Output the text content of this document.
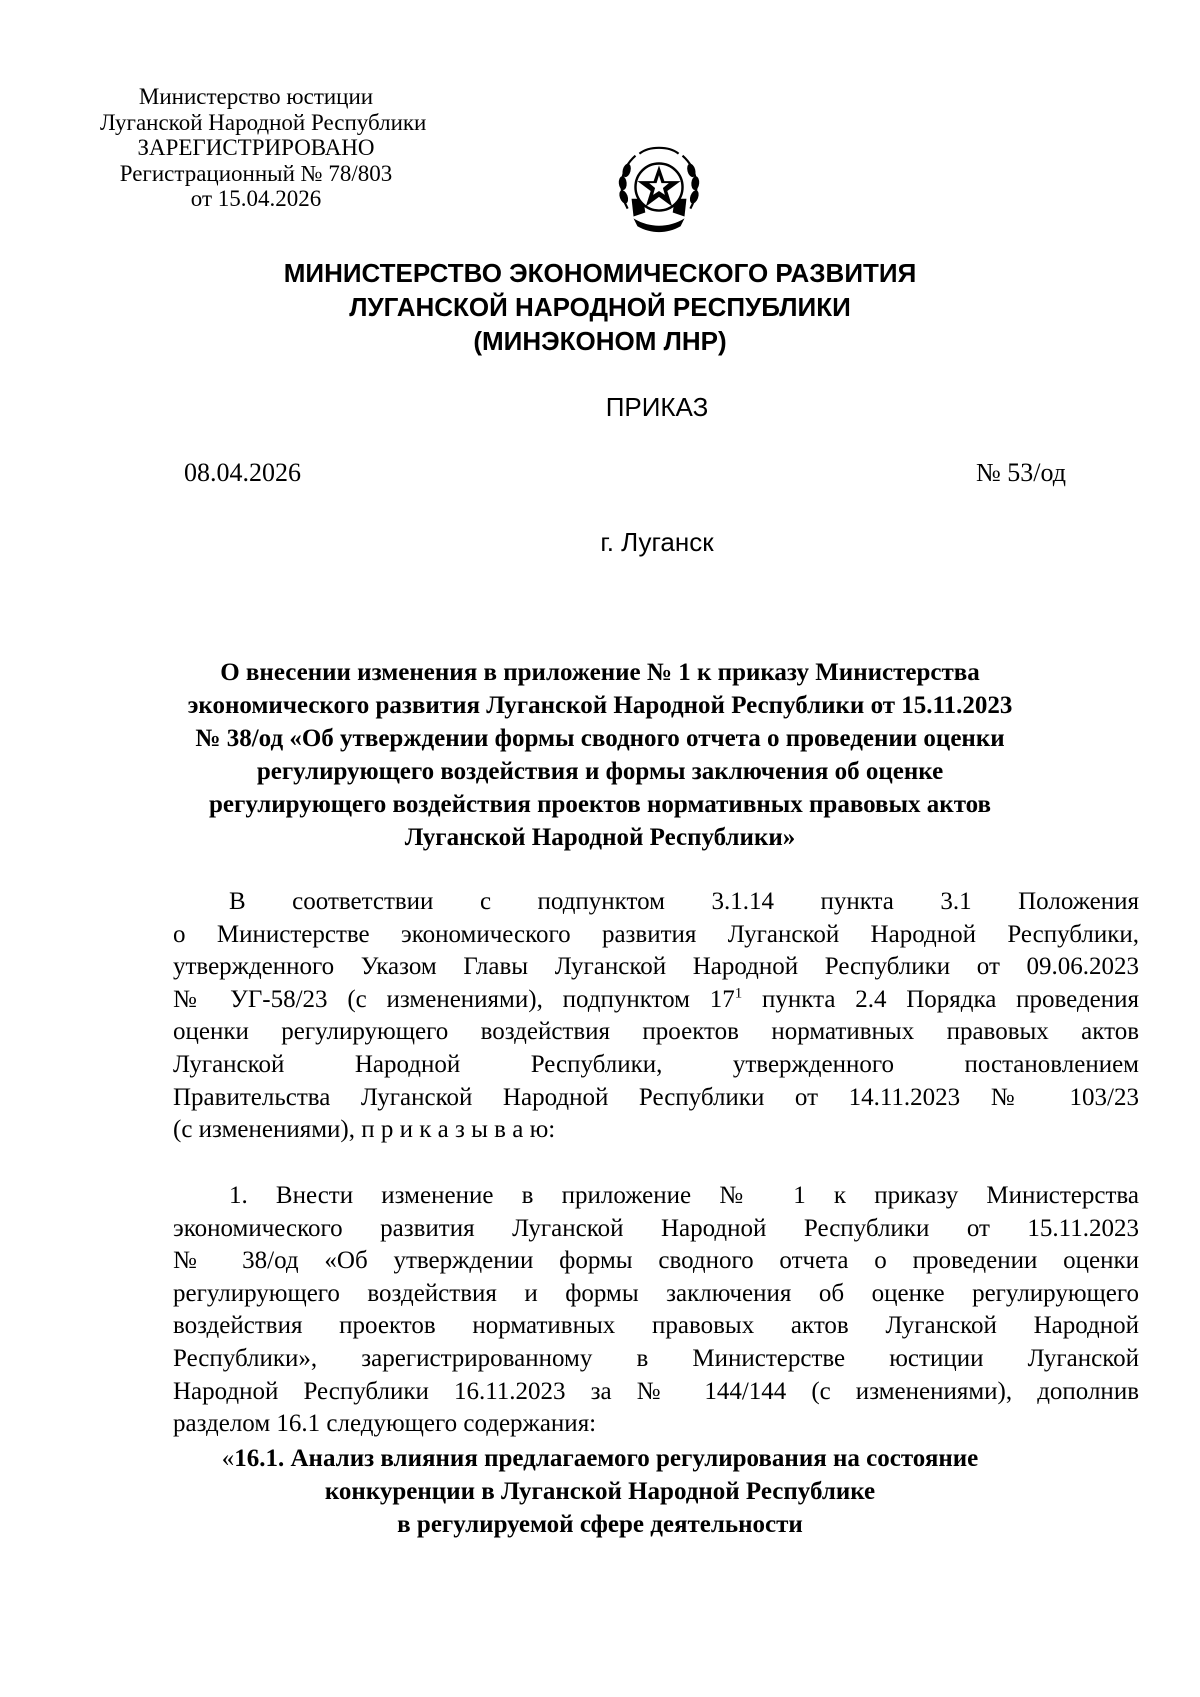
Министерство юстиции
Луганской Народной Республики
ЗАРЕГИСТРИРОВАНО
Регистрационный № 78/803
от 15.04.2026
МИНИСТЕРСТВО ЭКОНОМИЧЕСКОГО РАЗВИТИЯ
ЛУГАНСКОЙ НАРОДНОЙ РЕСПУБЛИКИ
(МИНЭКОНОМ ЛНР)
ПРИКАЗ
08.04.2026	№ 53/од
г. Луганск
О внесении изменения в приложение № 1 к приказу Министерства
экономического развития Луганской Народной Республики от 15.11.2023
№ 38/од «Об утверждении формы сводного отчета о проведении оценки
регулирующего воздействия и формы заключения об оценке
регулирующего воздействия проектов нормативных правовых актов
Луганской Народной Республики»
В соответствии с подпунктом 3.1.14 пункта 3.1 Положения
о Министерстве экономического развития Луганской Народной Республики,
утвержденного Указом Главы Луганской Народной Республики от 09.06.2023
№ УГ-58/23 (с изменениями), подпунктом $17^1$ пункта 2.4 Порядка проведения
оценки регулирующего воздействия проектов нормативных правовых актов
Луганской Народной Республики, утвержденного постановлением
Правительства Луганской Народной Республики от 14.11.2023 № 103/23
(с изменениями), п р и к а з ы в а ю:
1. Внести изменение в приложение № 1 к приказу Министерства
экономического развития Луганской Народной Республики от 15.11.2023
№ 38/од «Об утверждении формы сводного отчета о проведении оценки
регулирующего воздействия и формы заключения об оценке регулирующего
воздействия проектов нормативных правовых актов Луганской Народной
Республики», зарегистрированному в Министерстве юстиции Луганской
Народной Республики 16.11.2023 за № 144/144 (с изменениями), дополнив
разделом 16.1 следующего содержания:
«16.1. Анализ влияния предлагаемого регулирования на состояние
конкуренции в Луганской Народной Республике
в регулируемой сфере деятельности
